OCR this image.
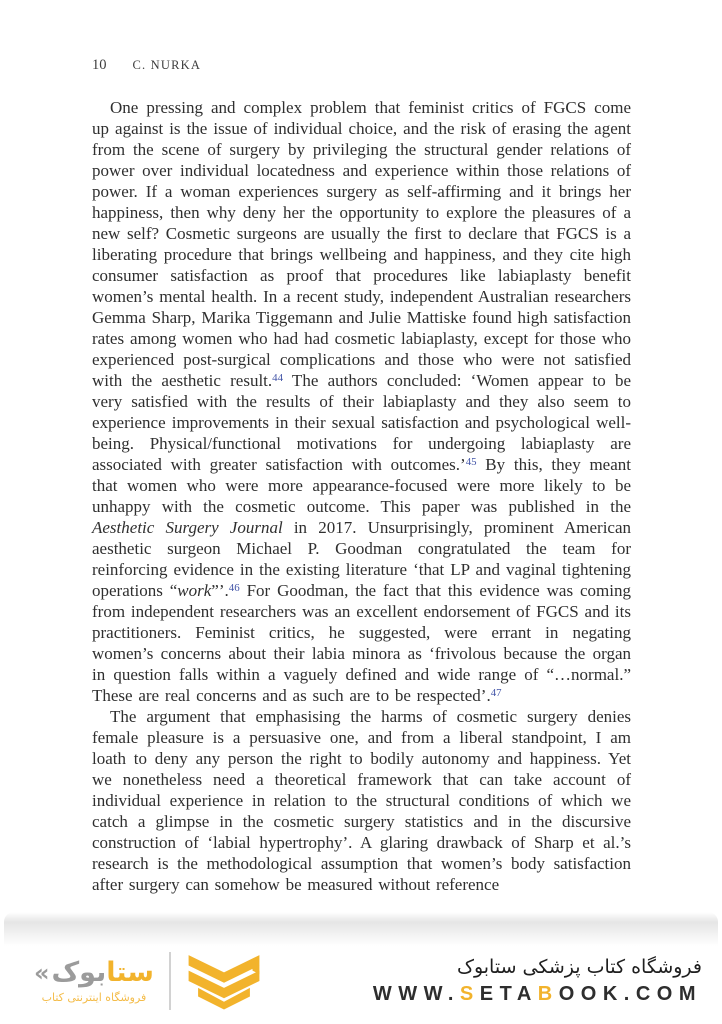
10 C. NURKA

One pressing and complex problem that feminist critics of FGCS come up against is the issue of individual choice, and the risk of erasing the agent from the scene of surgery by privileging the structural gender relations of power over individual locatedness and experience within those relations of power. If a woman experiences surgery as self-affirming and it brings her happiness, then why deny her the opportunity to explore the pleasures of a new self? Cosmetic surgeons are usually the first to declare that FGCS is a liberating procedure that brings wellbeing and happiness, and they cite high consumer satisfaction as proof that procedures like labiaplasty benefit women’s mental health. In a recent study, independent Australian researchers Gemma Sharp, Marika Tiggemann and Julie Mattiske found high satisfaction rates among women who had had cosmetic labiaplasty, except for those who experienced post-surgical complications and those who were not satisfied with the aesthetic result.$^{44}$ The authors concluded: ‘Women appear to be very satisfied with the results of their labiaplasty and they also seem to experience improvements in their sexual satisfaction and psychological well-being. Physical/functional motivations for undergoing labiaplasty are associated with greater satisfaction with outcomes.’$^{45}$ By this, they meant that women who were more appearance-focused were more likely to be unhappy with the cosmetic outcome. This paper was published in the Aesthetic Surgery Journal in 2017. Unsurprisingly, prominent American aesthetic surgeon Michael P. Goodman congratulated the team for reinforcing evidence in the existing literature ‘that LP and vaginal tightening operations “work”’.$^{46}$ For Goodman, the fact that this evidence was coming from independent researchers was an excellent endorsement of FGCS and its practitioners. Feminist critics, he suggested, were errant in negating women’s concerns about their labia minora as ‘frivolous because the organ in question falls within a vaguely defined and wide range of “…normal.” These are real concerns and as such are to be respected’.$^{47}$

The argument that emphasising the harms of cosmetic surgery denies female pleasure is a persuasive one, and from a liberal standpoint, I am loath to deny any person the right to bodily autonomy and happiness. Yet we nonetheless need a theoretical framework that can take account of individual experience in relation to the structural conditions of which we catch a glimpse in the cosmetic surgery statistics and in the discursive construction of ‘labial hypertrophy’. A glaring drawback of Sharp et al.’s research is the methodological assumption that women’s body satisfaction after surgery can somehow be measured without reference

« بوک ستا
فروشگاه اینترنتی کتاب
فروشگاه کتاب پزشکی ستابوک
WWW.SETABOOK.COM
